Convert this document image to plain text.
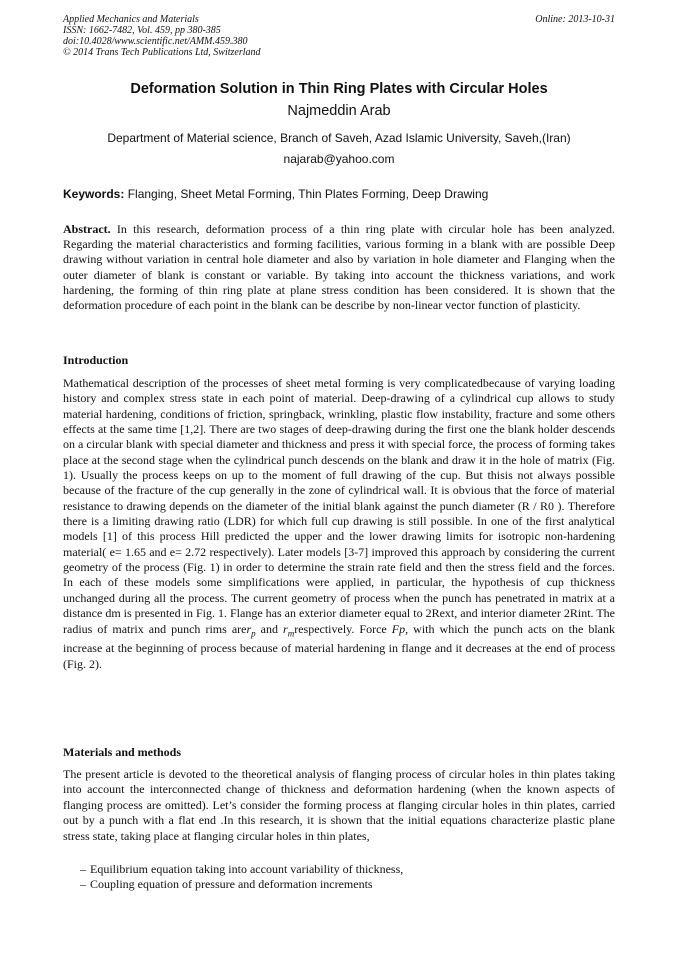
Applied Mechanics and Materials
ISSN: 1662-7482, Vol. 459, pp 380-385
doi:10.4028/www.scientific.net/AMM.459.380
© 2014 Trans Tech Publications Ltd, Switzerland
Online: 2013-10-31
Deformation Solution in Thin Ring Plates with Circular Holes
Najmeddin Arab
Department of Material science, Branch of Saveh, Azad Islamic University, Saveh,(Iran)
najarab@yahoo.com
Keywords: Flanging, Sheet Metal Forming, Thin Plates Forming, Deep Drawing

Abstract. In this research, deformation process of a thin ring plate with circular hole has been analyzed. Regarding the material characteristics and forming facilities, various forming in a blank with are possible Deep drawing without variation in central hole diameter and also by variation in hole diameter and Flanging when the outer diameter of blank is constant or variable. By taking into account the thickness variations, and work hardening, the forming of thin ring plate at plane stress condition has been considered. It is shown that the deformation procedure of each point in the blank can be describe by non-linear vector function of plasticity.

Introduction

Mathematical description of the processes of sheet metal forming is very complicatedbecause of varying loading history and complex stress state in each point of material. Deep-drawing of a cylindrical cup allows to study material hardening, conditions of friction, springback, wrinkling, plastic flow instability, fracture and some others effects at the same time [1,2]. There are two stages of deep-drawing during the first one the blank holder descends on a circular blank with special diameter and thickness and press it with special force, the process of forming takes place at the second stage when the cylindrical punch descends on the blank and draw it in the hole of matrix (Fig. 1). Usually the process keeps on up to the moment of full drawing of the cup. But thisis not always possible because of the fracture of the cup generally in the zone of cylindrical wall. It is obvious that the force of material resistance to drawing depends on the diameter of the initial blank against the punch diameter (R / R0 ). Therefore there is a limiting drawing ratio (LDR) for which full cup drawing is still possible. In one of the first analytical models [1] of this process Hill predicted the upper and the lower drawing limits for isotropic non-hardening material( e= 1.65 and e= 2.72 respectively). Later models [3-7] improved this approach by considering the current geometry of the process (Fig. 1) in order to determine the strain rate field and then the stress field and the forces. In each of these models some simplifications were applied, in particular, the hypothesis of cup thickness unchanged during all the process. The current geometry of process when the punch has penetrated in matrix at a distance dm is presented in Fig. 1. Flange has an exterior diameter equal to 2Rext, and interior diameter 2Rint. The radius of matrix and punch rims arer$_p$ and $r_mrespectively$. Force Fp, with which the punch acts on the blank increase at the beginning of process because of material hardening in flange and it decreases at the end of process (Fig. 2).

Materials and methods

The present article is devoted to the theoretical analysis of flanging process of circular holes in thin plates taking into account the interconnected change of thickness and deformation hardening (when the known aspects of flanging process are omitted). Let’s consider the forming process at flanging circular holes in thin plates, carried out by a punch with a flat end .In this research, it is shown that the initial equations characterize plastic plane stress state, taking place at flanging circular holes in thin plates,

– Equilibrium equation taking into account variability of thickness,
– Coupling equation of pressure and deformation increments
